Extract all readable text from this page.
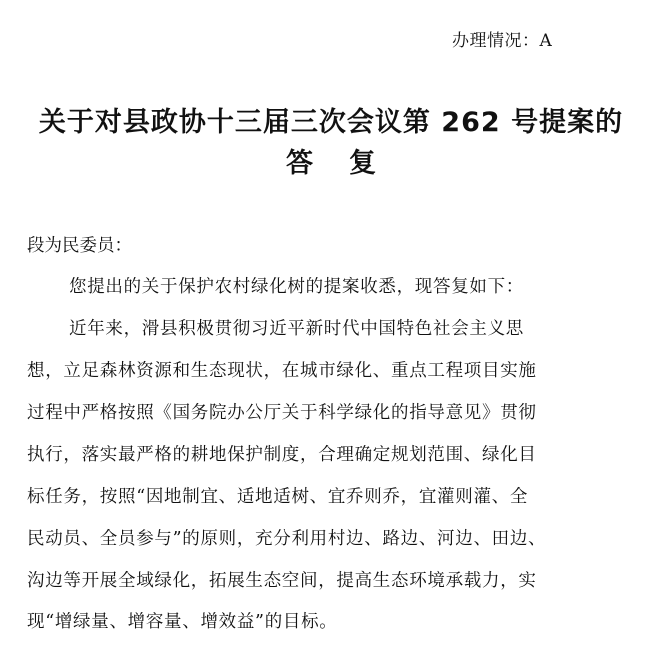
办理情况：A
关于对县政协十三届三次会议第 262 号提案的
答复
段为民委员：
您提出的关于保护农村绿化树的提案收悉，现答复如下：
近年来，滑县积极贯彻习近平新时代中国特色社会主义思
想，立足森林资源和生态现状，在城市绿化、重点工程项目实施
过程中严格按照《国务院办公厅关于科学绿化的指导意见》贯彻
执行，落实最严格的耕地保护制度，合理确定规划范围、绿化目
标任务，按照“因地制宜、适地适树、宜乔则乔，宜灌则灌、全
民动员、全员参与”的原则，充分利用村边、路边、河边、田边、
沟边等开展全域绿化，拓展生态空间，提高生态环境承载力，实
现“增绿量、增容量、增效益”的目标。
